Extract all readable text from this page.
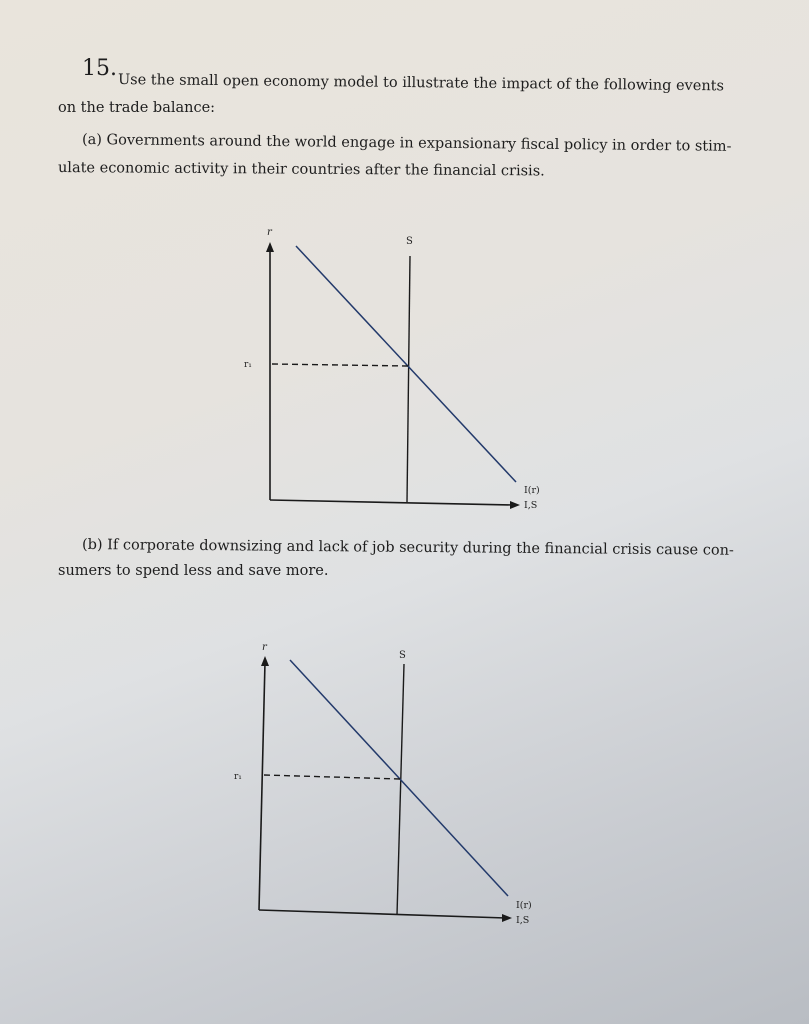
15.
Use the small open economy model to illustrate the impact of the following events
on the trade balance:
(a) Governments around the world engage in expansionary fiscal policy in order to stim-
ulate economic activity in their countries after the financial crisis.
r
S
r₁
I(r)
I,S
(b) If corporate downsizing and lack of job security during the financial crisis cause con-
sumers to spend less and save more.
r
S
r₁
I(r)
I,S
